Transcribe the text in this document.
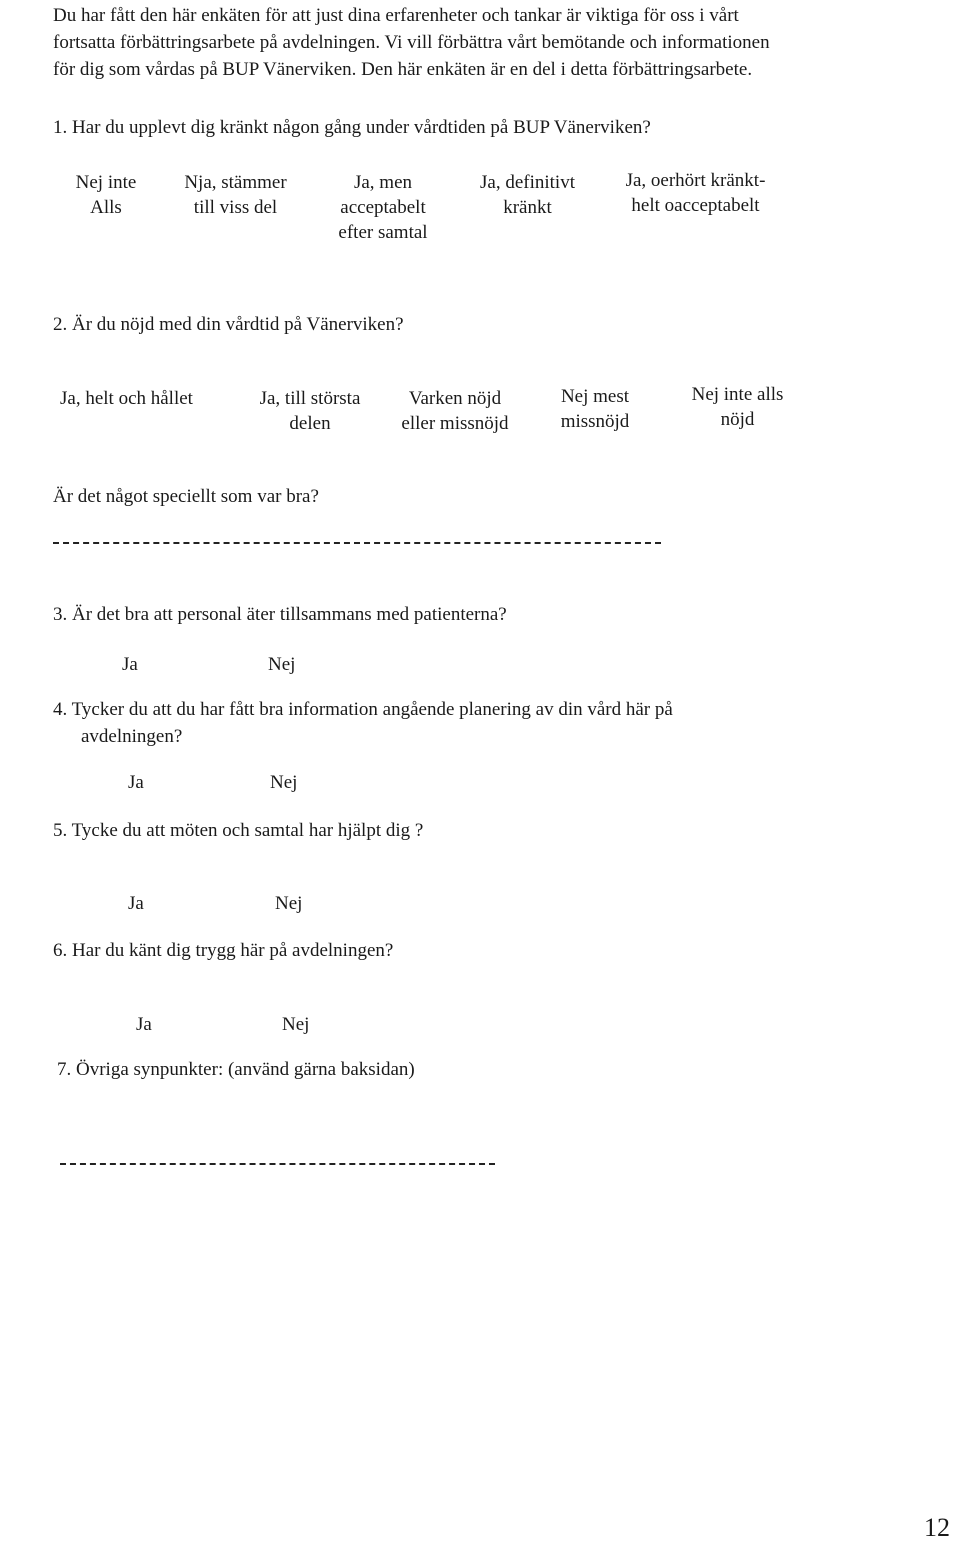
Du har fått den här enkäten för att just dina erfarenheter och tankar är viktiga för oss i vårt
fortsatta förbättringsarbete på avdelningen. Vi vill förbättra vårt bemötande och informationen
för dig som vårdas på BUP Vänerviken. Den här enkäten är en del i detta förbättringsarbete.
1. Har du upplevt dig kränkt någon gång under vårdtiden på BUP Vänerviken?
Nej inte
Alls
Nja, stämmer
till viss del
Ja, men
acceptabelt
efter samtal
Ja, definitivt
kränkt
Ja, oerhört kränkt-
helt oacceptabelt
2. Är du nöjd med din vårdtid på Vänerviken?
Ja, helt och hållet	Ja, till största
delen
Varken nöjd
eller missnöjd
Nej mest
missnöjd
Nej inte alls
nöjd
Är det något speciellt som var bra?
3. Är det bra att personal äter tillsammans med patienterna?
Ja	Nej
4. Tycker du att du har fått bra information angående planering av din vård här på
avdelningen?
Ja	Nej
5. Tycke du att möten och samtal har hjälpt dig ?
Ja	Nej
6. Har du känt dig trygg här på avdelningen?
Ja	Nej
7. Övriga synpunkter: (använd gärna baksidan)
12
